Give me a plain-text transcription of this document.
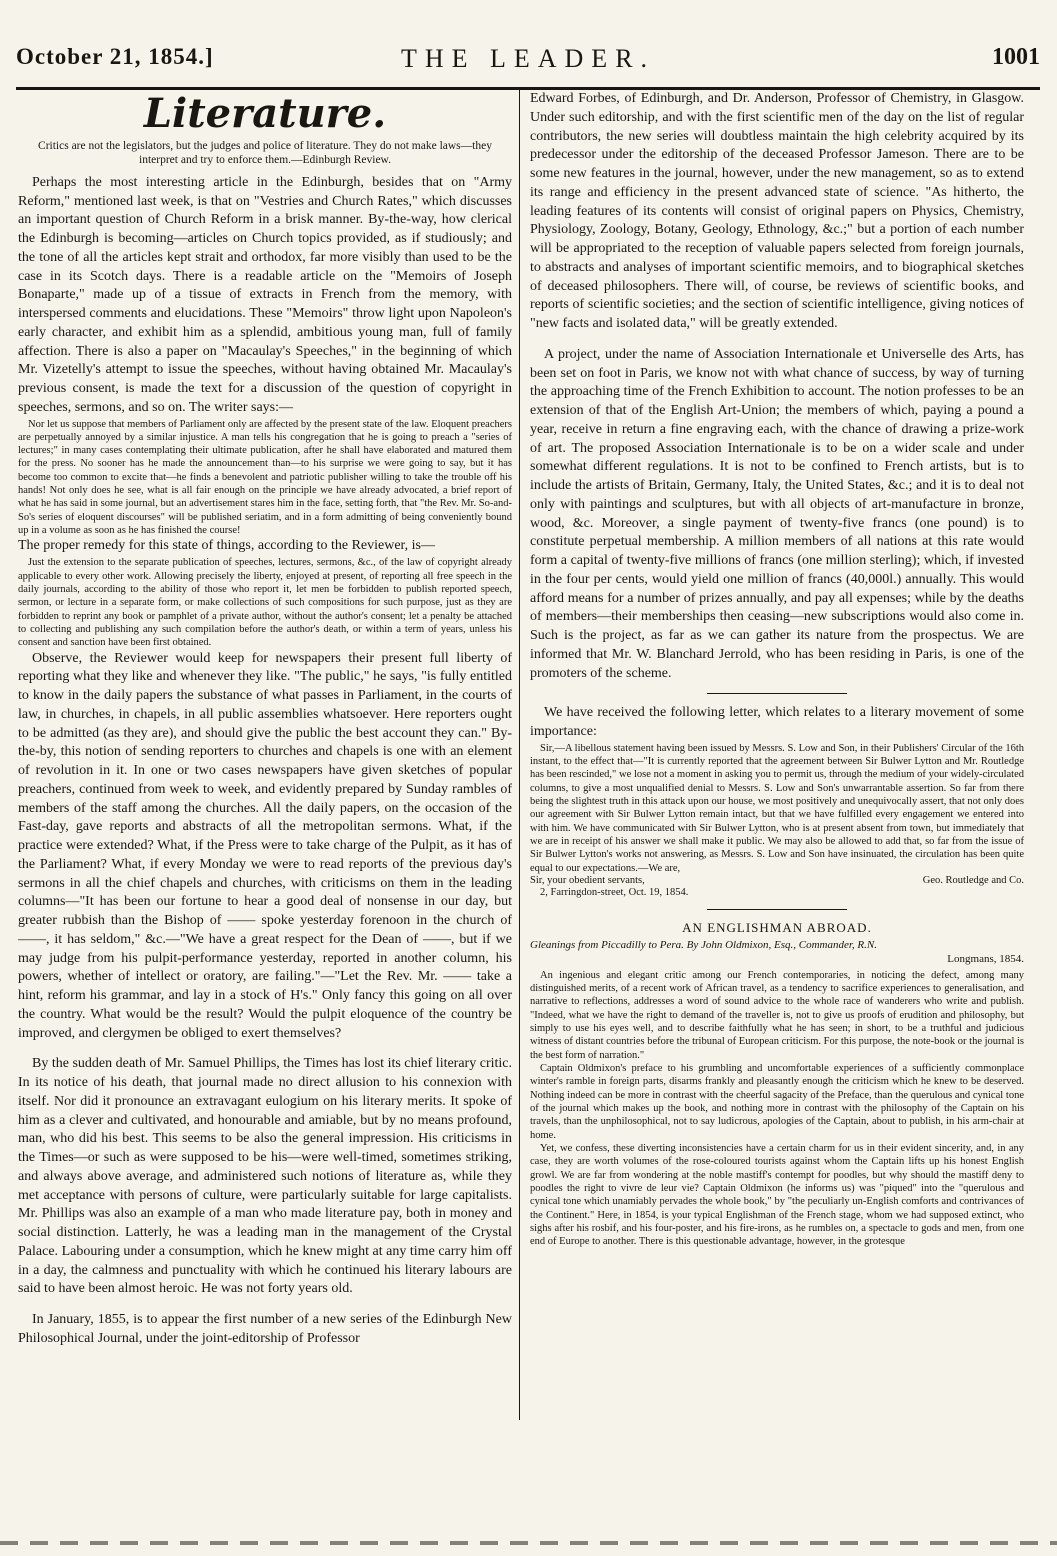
October 21, 1854.]	THE LEADER.	1001
Literature.
Critics are not the legislators, but the judges and police of literature. They do not make laws—they interpret and try to enforce them.—Edinburgh Review.

Perhaps the most interesting article in the Edinburgh, besides that on "Army Reform," mentioned last week, is that on "Vestries and Church Rates," which discusses an important question of Church Reform in a brisk manner. By-the-way, how clerical the Edinburgh is becoming—articles on Church topics provided, as if studiously; and the tone of all the articles kept strait and orthodox, far more visibly than used to be the case in its Scotch days. There is a readable article on the "Memoirs of Joseph Bonaparte," made up of a tissue of extracts in French from the memory, with interspersed comments and elucidations. These "Memoirs" throw light upon Napoleon's early character, and exhibit him as a splendid, ambitious young man, full of family affection. There is also a paper on "Macaulay's Speeches," in the beginning of which Mr. Vizetelly's attempt to issue the speeches, without having obtained Mr. Macaulay's previous consent, is made the text for a discussion of the question of copyright in speeches, sermons, and so on. The writer says:—

Nor let us suppose that members of Parliament only are affected by the present state of the law. Eloquent preachers are perpetually annoyed by a similar injustice. A man tells his congregation that he is going to preach a "series of lectures;" in many cases contemplating their ultimate publication, after he shall have elaborated and matured them for the press. No sooner has he made the announcement than—to his surprise we were going to say, but it has become too common to excite that—he finds a benevolent and patriotic publisher willing to take the trouble off his hands! Not only does he see, what is all fair enough on the principle we have already advocated, a brief report of what he has said in some journal, but an advertisement stares him in the face, setting forth, that "the Rev. Mr. So-and-So's series of eloquent discourses" will be published seriatim, and in a form admitting of being conveniently bound up in a volume as soon as he has finished the course!

The proper remedy for this state of things, according to the Reviewer, is—

Just the extension to the separate publication of speeches, lectures, sermons, &c., of the law of copyright already applicable to every other work. Allowing precisely the liberty, enjoyed at present, of reporting all free speech in the daily journals, according to the ability of those who report it, let men be forbidden to publish reported speech, sermon, or lecture in a separate form, or make collections of such compositions for such purpose, just as they are forbidden to reprint any book or pamphlet of a private author, without the author's consent; let a penalty be attached to collecting and publishing any such compilation before the author's death, or within a term of years, unless his consent and sanction have been first obtained.

Observe, the Reviewer would keep for newspapers their present full liberty of reporting what they like and whenever they like. "The public," he says, "is fully entitled to know in the daily papers the substance of what passes in Parliament, in the courts of law, in churches, in chapels, in all public assemblies whatsoever. Here reporters ought to be admitted (as they are), and should give the public the best account they can." By-the-by, this notion of sending reporters to churches and chapels is one with an element of revolution in it. In one or two cases newspapers have given sketches of popular preachers, continued from week to week, and evidently prepared by Sunday rambles of members of the staff among the churches. All the daily papers, on the occasion of the Fast-day, gave reports and abstracts of all the metropolitan sermons. What, if the practice were extended? What, if the Press were to take charge of the Pulpit, as it has of the Parliament? What, if every Monday we were to read reports of the previous day's sermons in all the chief chapels and churches, with criticisms on them in the leading columns—"It has been our fortune to hear a good deal of nonsense in our day, but greater rubbish than the Bishop of —— spoke yesterday forenoon in the church of ——, it has seldom," &c.—"We have a great respect for the Dean of ——, but if we may judge from his pulpit-performance yesterday, reported in another column, his powers, whether of intellect or oratory, are failing."—"Let the Rev. Mr. —— take a hint, reform his grammar, and lay in a stock of H's." Only fancy this going on all over the country. What would be the result? Would the pulpit eloquence of the country be improved, and clergymen be obliged to exert themselves?

By the sudden death of Mr. Samuel Phillips, the Times has lost its chief literary critic. In its notice of his death, that journal made no direct allusion to his connexion with itself. Nor did it pronounce an extravagant eulogium on his literary merits. It spoke of him as a clever and cultivated, and honourable and amiable, but by no means profound, man, who did his best. This seems to be also the general impression. His criticisms in the Times—or such as were supposed to be his—were well-timed, sometimes striking, and always above average, and administered such notions of literature as, while they met acceptance with persons of culture, were particularly suitable for large capitalists. Mr. Phillips was also an example of a man who made literature pay, both in money and social distinction. Latterly, he was a leading man in the management of the Crystal Palace. Labouring under a consumption, which he knew might at any time carry him off in a day, the calmness and punctuality with which he continued his literary labours are said to have been almost heroic. He was not forty years old.

In January, 1855, is to appear the first number of a new series of the Edinburgh New Philosophical Journal, under the joint-editorship of Professor

Edward Forbes, of Edinburgh, and Dr. Anderson, Professor of Chemistry, in Glasgow. Under such editorship, and with the first scientific men of the day on the list of regular contributors, the new series will doubtless maintain the high celebrity acquired by its predecessor under the editorship of the deceased Professor Jameson. There are to be some new features in the journal, however, under the new management, so as to extend its range and efficiency in the present advanced state of science. "As hitherto, the leading features of its contents will consist of original papers on Physics, Chemistry, Physiology, Zoology, Botany, Geology, Ethnology, &c.;" but a portion of each number will be appropriated to the reception of valuable papers selected from foreign journals, to abstracts and analyses of important scientific memoirs, and to biographical sketches of deceased philosophers. There will, of course, be reviews of scientific books, and reports of scientific societies; and the section of scientific intelligence, giving notices of "new facts and isolated data," will be greatly extended.

A project, under the name of Association Internationale et Universelle des Arts, has been set on foot in Paris, we know not with what chance of success, by way of turning the approaching time of the French Exhibition to account. The notion professes to be an extension of that of the English Art-Union; the members of which, paying a pound a year, receive in return a fine engraving each, with the chance of drawing a prize-work of art. The proposed Association Internationale is to be on a wider scale and under somewhat different regulations. It is not to be confined to French artists, but is to include the artists of Britain, Germany, Italy, the United States, &c.; and it is to deal not only with paintings and sculptures, but with all objects of art-manufacture in bronze, wood, &c. Moreover, a single payment of twenty-five francs (one pound) is to constitute perpetual membership. A million members of all nations at this rate would form a capital of twenty-five millions of francs (one million sterling); which, if invested in the four per cents, would yield one million of francs (40,000l.) annually. This would afford means for a number of prizes annually, and pay all expenses; while by the deaths of members—their memberships then ceasing—new subscriptions would also come in. Such is the project, as far as we can gather its nature from the prospectus. We are informed that Mr. W. Blanchard Jerrold, who has been residing in Paris, is one of the promoters of the scheme.

We have received the following letter, which relates to a literary movement of some importance:

Sir,—A libellous statement having been issued by Messrs. S. Low and Son, in their Publishers' Circular of the 16th instant, to the effect that—"It is currently reported that the agreement between Sir Bulwer Lytton and Mr. Routledge has been rescinded," we lose not a moment in asking you to permit us, through the medium of your widely-circulated columns, to give a most unqualified denial to Messrs. S. Low and Son's unwarrantable assertion. So far from there being the slightest truth in this attack upon our house, we most positively and unequivocally assert, that not only does our agreement with Sir Bulwer Lytton remain intact, but that we have fulfilled every engagement we entered into with him. We have communicated with Sir Bulwer Lytton, who is at present absent from town, but immediately that we are in receipt of his answer we shall make it public. We may also be allowed to add that, so far from the issue of Sir Bulwer Lytton's works not answering, as Messrs. S. Low and Son have insinuated, the circulation has been quite equal to our expectations.—We are,

Sir, your obedient servants,	Geo. Routledge and Co.

2, Farringdon-street, Oct. 19, 1854.

AN ENGLISHMAN ABROAD.
Gleanings from Piccadilly to Pera. By John Oldmixon, Esq., Commander, R.N.
Longmans, 1854.

An ingenious and elegant critic among our French contemporaries, in noticing the defect, among many distinguished merits, of a recent work of African travel, as a tendency to sacrifice experiences to generalisation, and narrative to reflections, addresses a word of sound advice to the whole race of wanderers who write and publish. "Indeed, what we have the right to demand of the traveller is, not to give us proofs of erudition and philosophy, but simply to use his eyes well, and to describe faithfully what he has seen; in short, to be a truthful and judicious witness of distant countries before the tribunal of European criticism. For this purpose, the note-book or the journal is the best form of narration."

Captain Oldmixon's preface to his grumbling and uncomfortable experiences of a sufficiently commonplace winter's ramble in foreign parts, disarms frankly and pleasantly enough the criticism which he knew to be deserved. Nothing indeed can be more in contrast with the cheerful sagacity of the Preface, than the querulous and cynical tone of the journal which makes up the book, and nothing more in contrast with the philosophy of the Captain on his travels, than the unphilosophical, not to say ludicrous, apologies of the Captain, about to publish, in his arm-chair at home.

Yet, we confess, these diverting inconsistencies have a certain charm for us in their evident sincerity, and, in any case, they are worth volumes of the rose-coloured tourists against whom the Captain lifts up his honest English growl. We are far from wondering at the noble mastiff's contempt for poodles, but why should the mastiff deny to poodles the right to vivre de leur vie? Captain Oldmixon (he informs us) was "piqued" into the "querulous and cynical tone which unamiably pervades the whole book," by "the peculiarly un-English comforts and contrivances of the Continent." Here, in 1854, is your typical Englishman of the French stage, whom we had supposed extinct, who sighs after his rosbif, and his four-poster, and his fire-irons, as he rumbles on, a spectacle to gods and men, from one end of Europe to another. There is this questionable advantage, however, in the grotesque
